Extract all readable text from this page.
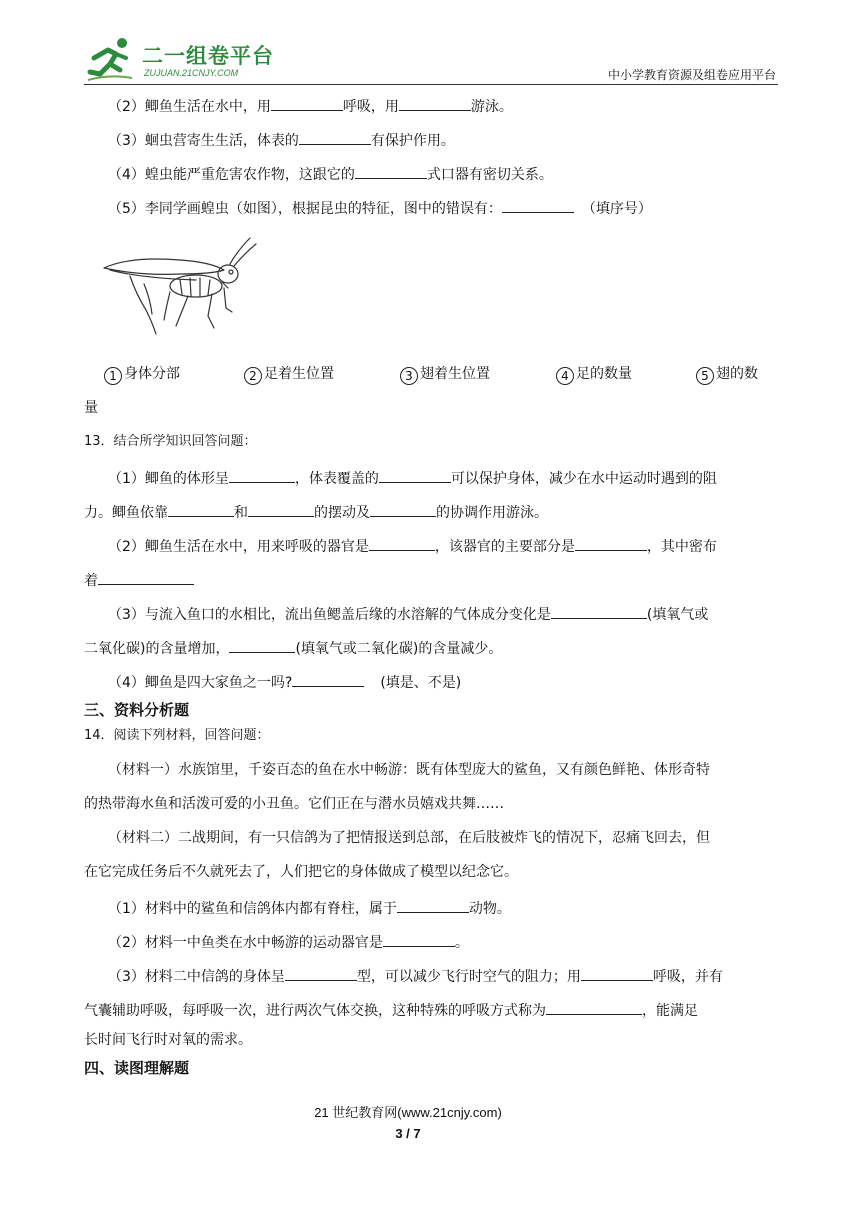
二一组卷平台
ZUJUAN.21CNJY.COM	中小学教育资源及组卷应用平台
（2）鲫鱼生活在水中，用	呼吸，用	游泳。
（3）蛔虫营寄生生活，体表的	有保护作用。
（4）蝗虫能严重危害农作物，这跟它的	式口器有密切关系。
（5）李同学画蝗虫（如图），根据昆虫的特征，图中的错误有：	（填序号）
1 身体分部	2 足着生位置	3 翅着生位置	4 足的数量	5 翅的数
量
13．结合所学知识回答问题：
（1）鲫鱼的体形呈	，体表覆盖的	可以保护身体，减少在水中运动时遇到的阻
力。鲫鱼依靠	和	的摆动及	的协调作用游泳。
（2）鲫鱼生活在水中，用来呼吸的器官是	，该器官的主要部分是	，其中密布
着
（3）与流入鱼口的水相比，流出鱼鳃盖后缘的水溶解的气体成分变化是	(填氧气或
二氧化碳)的含量增加，	(填氧气或二氧化碳)的含量减少。
（4）鲫鱼是四大家鱼之一吗?	(填是、不是)
三、资料分析题
14．阅读下列材料，回答问题：
（材料一）水族馆里，千姿百态的鱼在水中畅游：既有体型庞大的鲨鱼，又有颜色鲜艳、体形奇特
的热带海水鱼和活泼可爱的小丑鱼。它们正在与潜水员嬉戏共舞……
（材料二）二战期间，有一只信鸽为了把情报送到总部，在后肢被炸飞的情况下，忍痛飞回去，但
在它完成任务后不久就死去了，人们把它的身体做成了模型以纪念它。
（1）材料中的鲨鱼和信鸽体内都有脊柱，属于	动物。
（2）材料一中鱼类在水中畅游的运动器官是	。
（3）材料二中信鸽的身体呈	型，可以减少飞行时空气的阻力；用	呼吸，并有
气囊辅助呼吸，每呼吸一次，进行两次气体交换，这种特殊的呼吸方式称为	，能满足
长时间飞行时对氧的需求。
四、读图理解题
21 世纪教育网(www.21cnjy.com)
3 / 7
